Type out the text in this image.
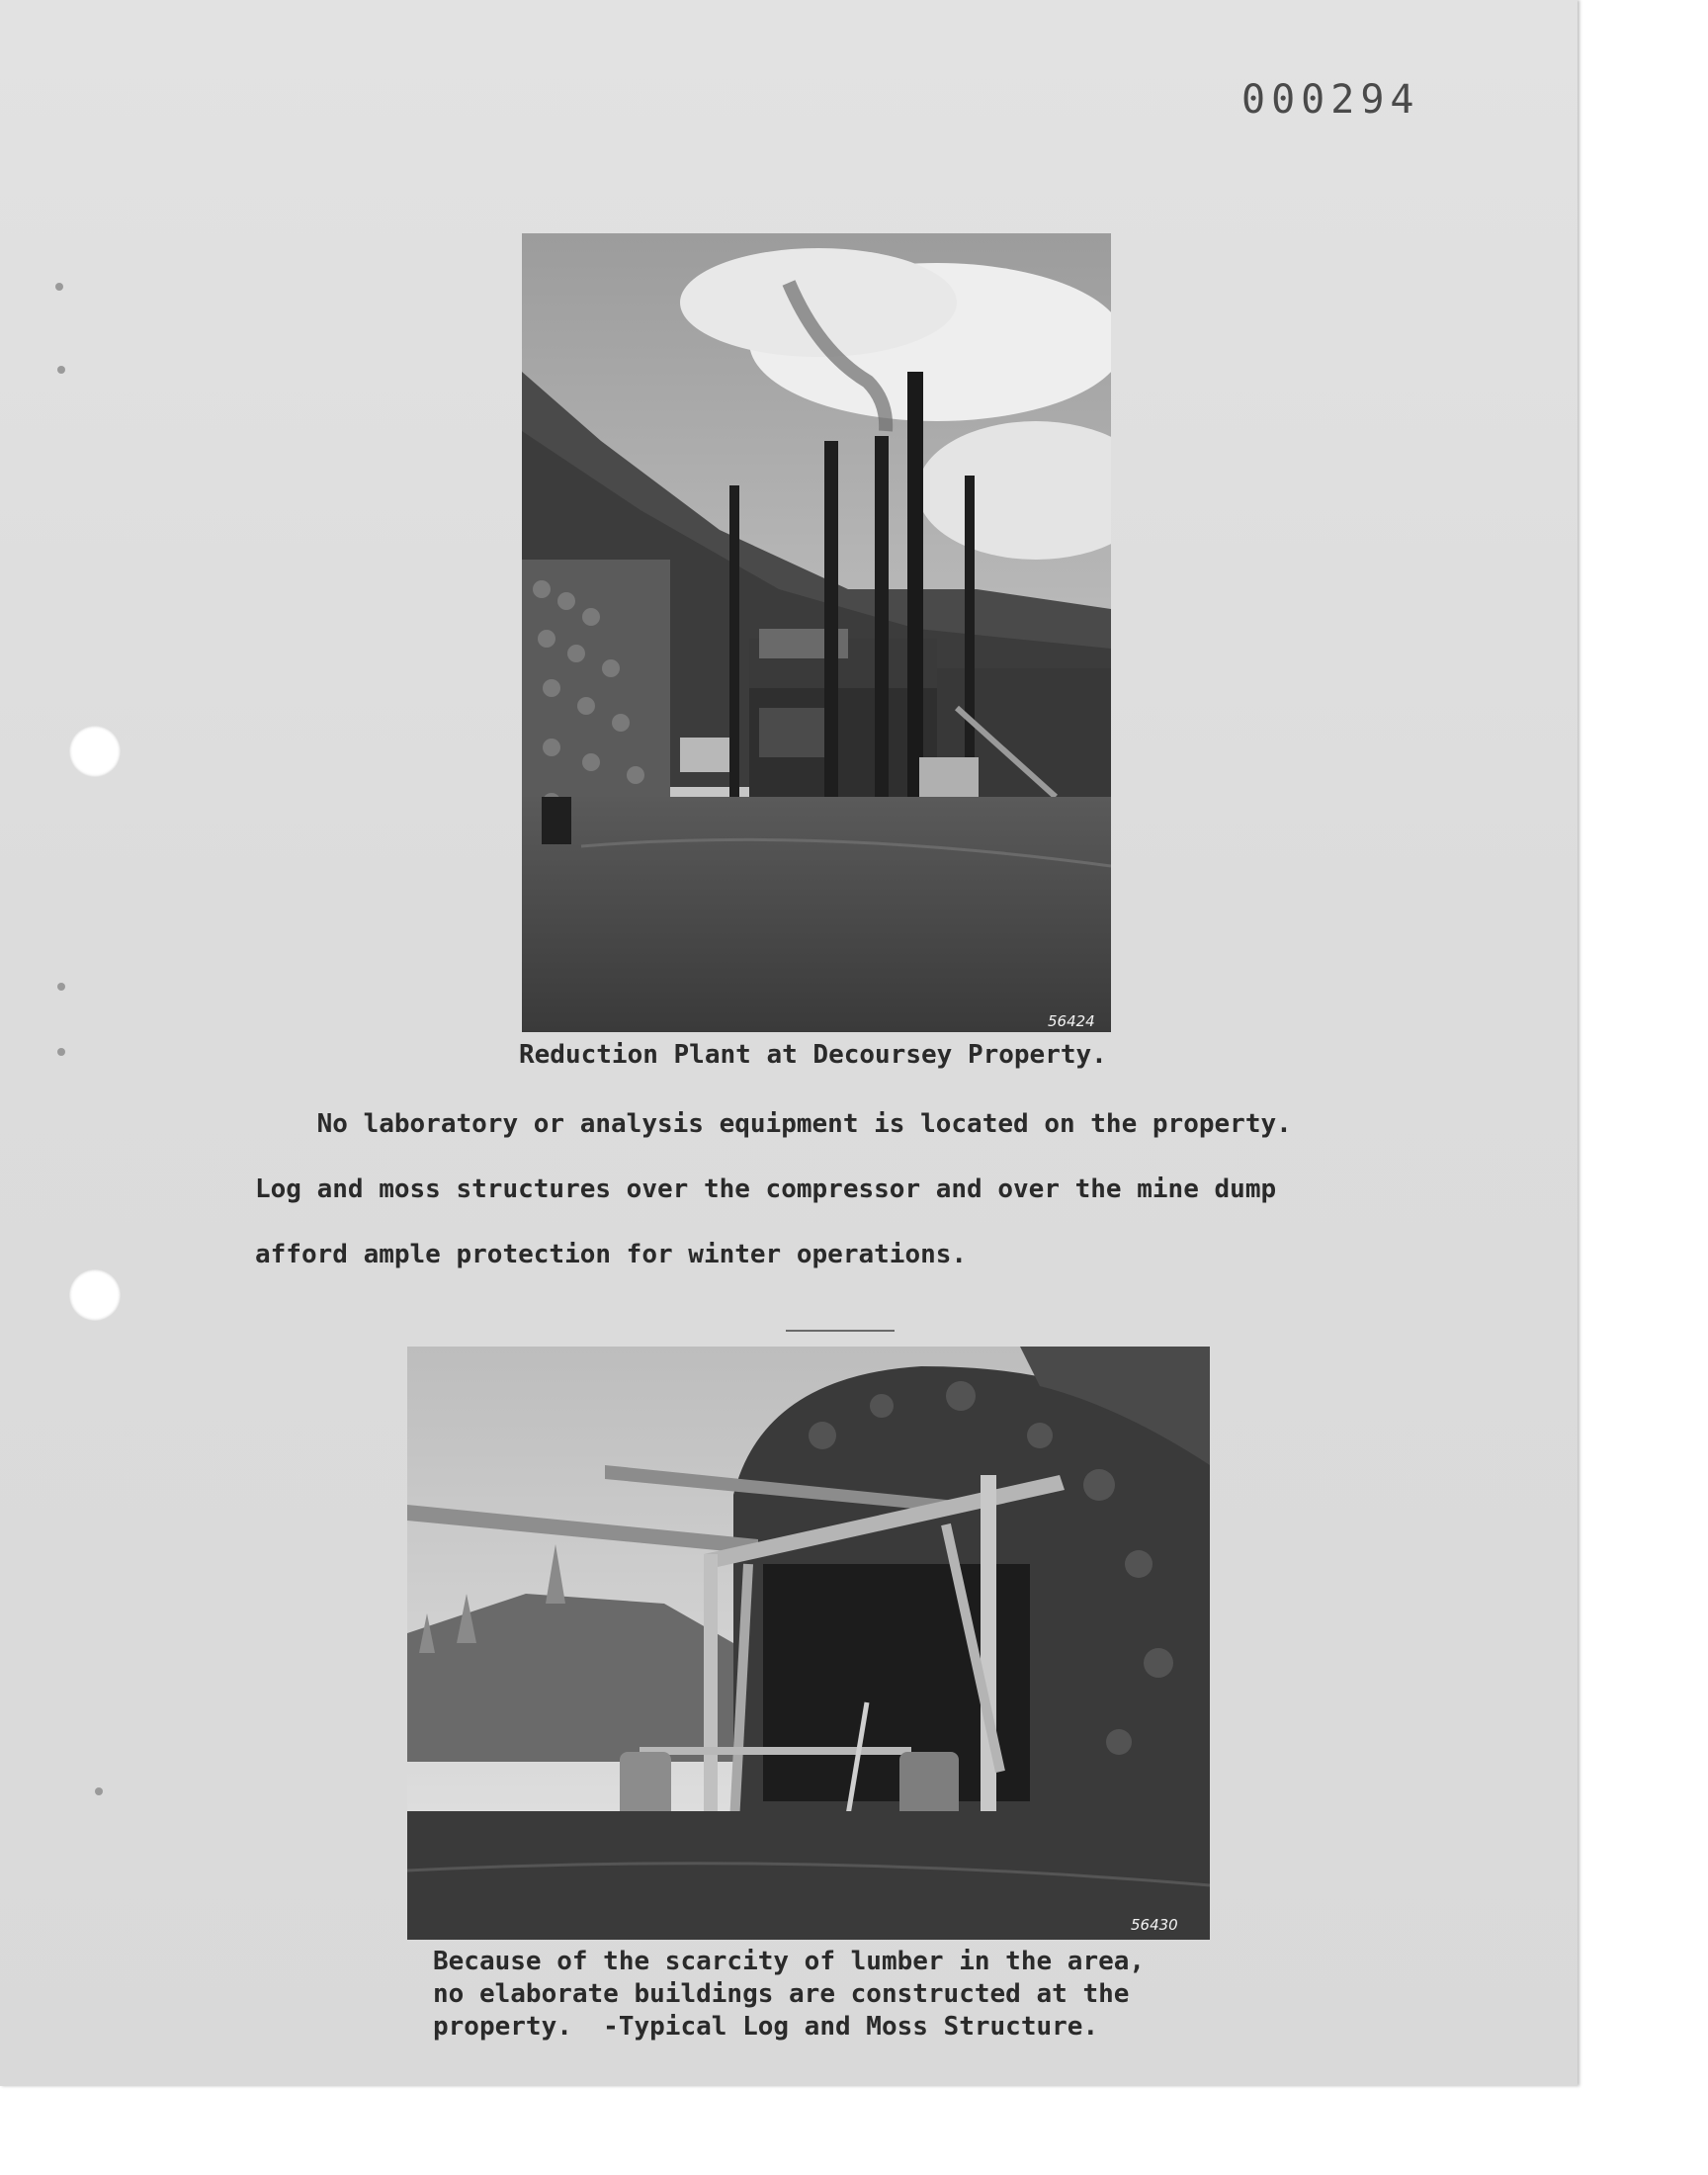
000294
56424
Reduction Plant at Decoursey Property.
No laboratory or analysis equipment is located on the property.
Log and moss structures over the compressor and over the mine dump
afford ample protection for winter operations.
56430
Because of the scarcity of lumber in the area,
no elaborate buildings are constructed at the
property.  -Typical Log and Moss Structure.
